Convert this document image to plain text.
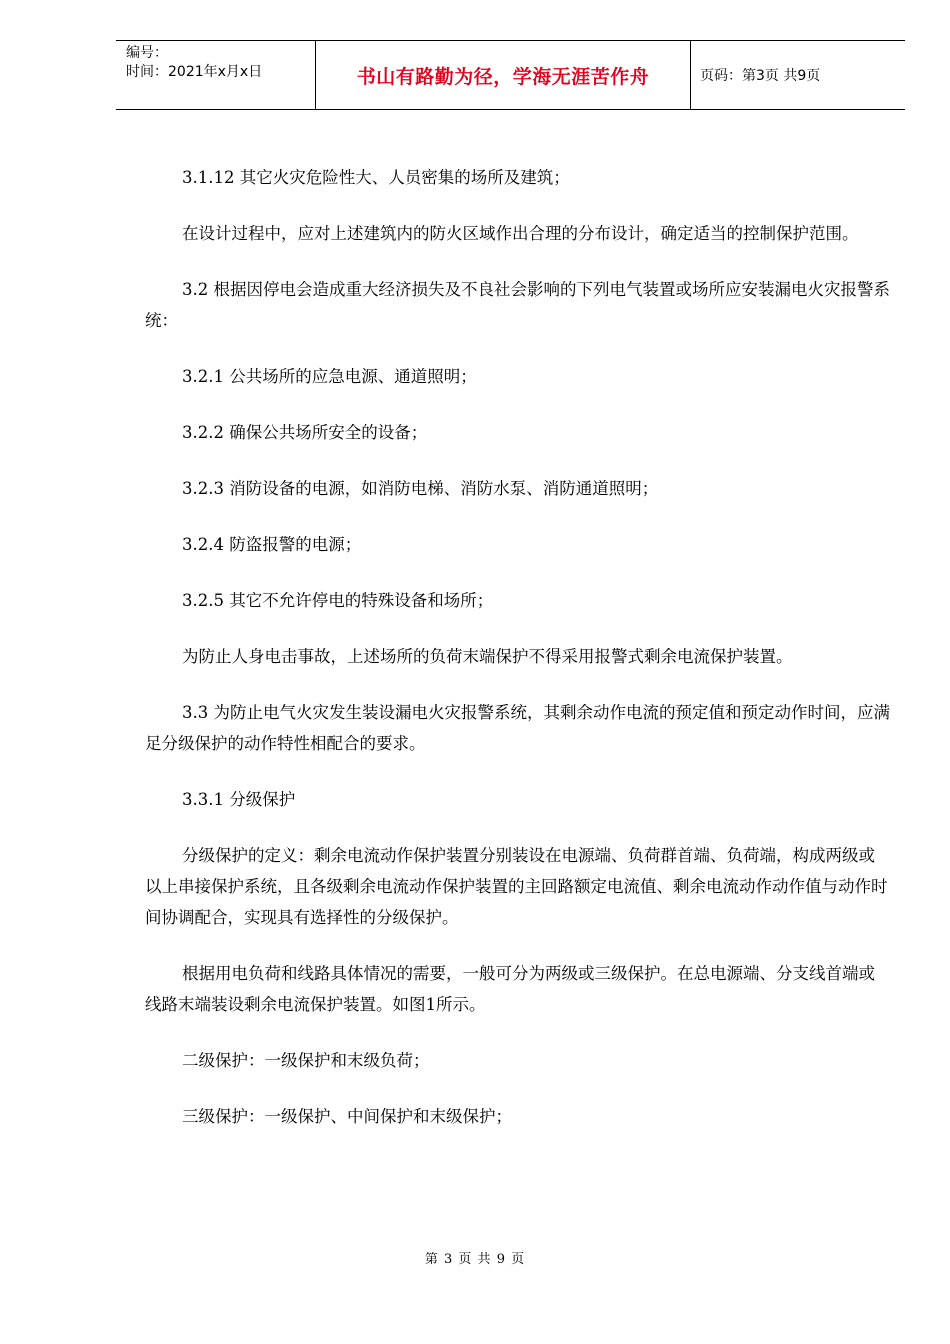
编号：
时间：2021年x月x日	书山有路勤为径，学海无涯苦作舟	页码：第3页 共9页

3.1.12 其它火灾危险性大、人员密集的场所及建筑；

在设计过程中，应对上述建筑内的防火区域作出合理的分布设计，确定适当的控制保护范围。

3.2 根据因停电会造成重大经济损失及不良社会影响的下列电气装置或场所应安装漏电火灾报警系统：

3.2.1 公共场所的应急电源、通道照明；

3.2.2 确保公共场所安全的设备；

3.2.3 消防设备的电源，如消防电梯、消防水泵、消防通道照明；

3.2.4 防盗报警的电源；

3.2.5 其它不允许停电的特殊设备和场所；

为防止人身电击事故，上述场所的负荷末端保护不得采用报警式剩余电流保护装置。

3.3 为防止电气火灾发生装设漏电火灾报警系统，其剩余动作电流的预定值和预定动作时间，应满足分级保护的动作特性相配合的要求。

3.3.1 分级保护

分级保护的定义：剩余电流动作保护装置分别装设在电源端、负荷群首端、负荷端，构成两级或以上串接保护系统，且各级剩余电流动作保护装置的主回路额定电流值、剩余电流动作动作值与动作时间协调配合，实现具有选择性的分级保护。

根据用电负荷和线路具体情况的需要，一般可分为两级或三级保护。在总电源端、分支线首端或线路末端装设剩余电流保护装置。如图1所示。

二级保护：一级保护和末级负荷；

三级保护：一级保护、中间保护和末级保护；

第 3 页 共 9 页
